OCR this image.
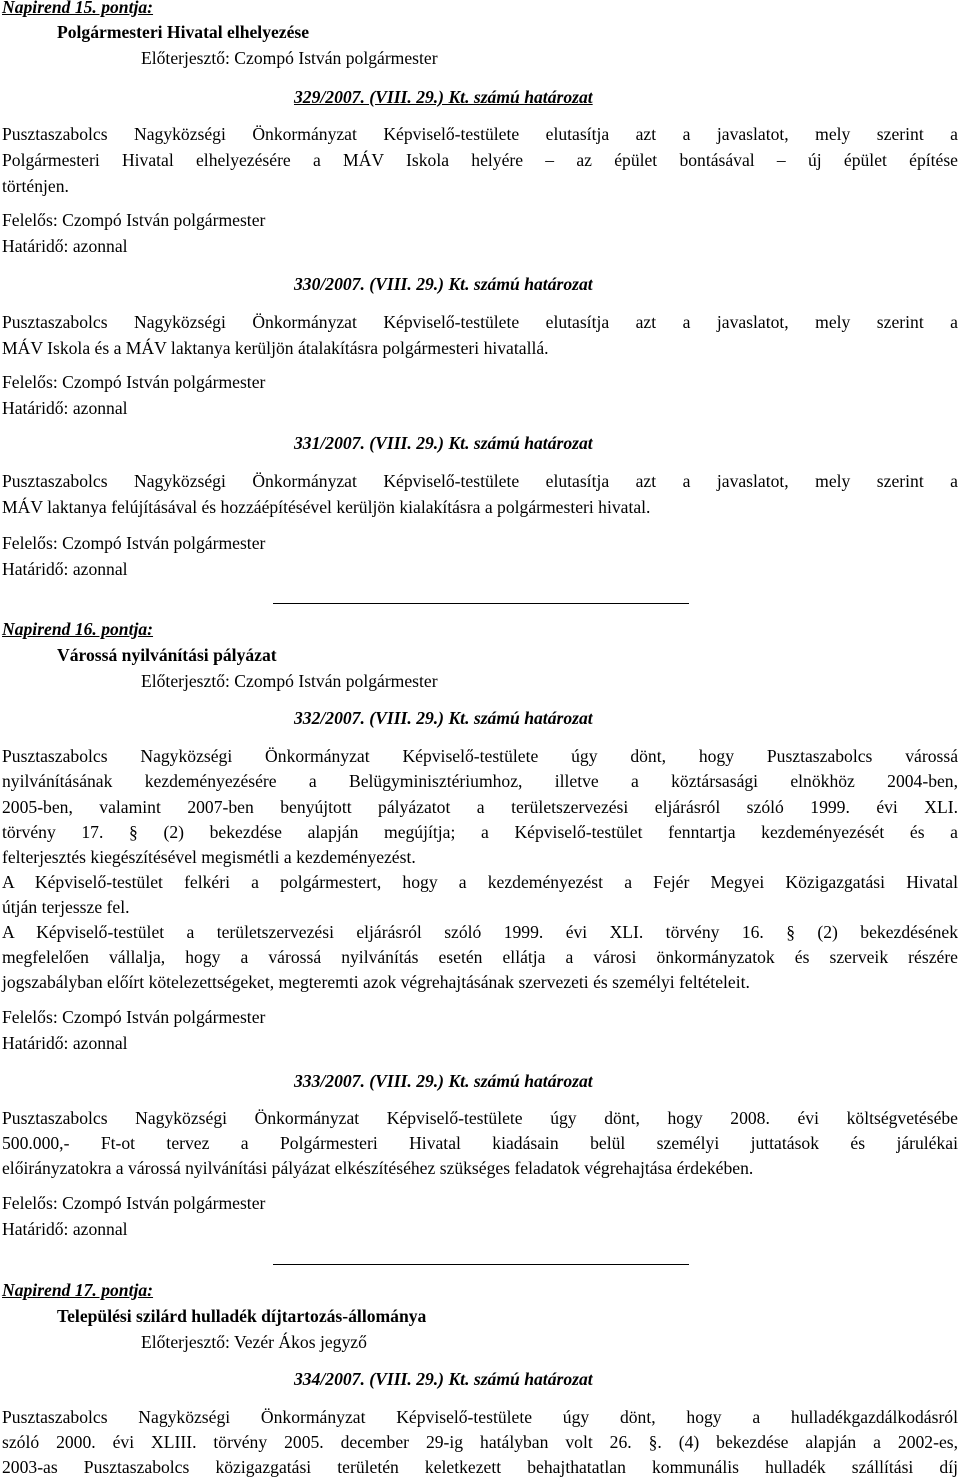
Napirend 15. pontja:
Polgármesteri Hivatal elhelyezése
Előterjesztő: Czompó István polgármester
329/2007. (VIII. 29.) Kt. számú határozat
Pusztaszabolcs Nagyközségi Önkormányzat Képviselő-testülete elutasítja azt a javaslatot, mely szerint a
Polgármesteri Hivatal elhelyezésére a MÁV Iskola helyére – az épület bontásával – új épület építése
történjen.
Felelős: Czompó István polgármester
Határidő: azonnal
330/2007. (VIII. 29.) Kt. számú határozat
Pusztaszabolcs Nagyközségi Önkormányzat Képviselő-testülete elutasítja azt a javaslatot, mely szerint a
MÁV Iskola és a MÁV laktanya kerüljön átalakításra polgármesteri hivatallá.
Felelős: Czompó István polgármester
Határidő: azonnal
331/2007. (VIII. 29.) Kt. számú határozat
Pusztaszabolcs Nagyközségi Önkormányzat Képviselő-testülete elutasítja azt a javaslatot, mely szerint a
MÁV laktanya felújításával és hozzáépítésével kerüljön kialakításra a polgármesteri hivatal.
Felelős: Czompó István polgármester
Határidő: azonnal
Napirend 16. pontja:
Várossá nyilvánítási pályázat
Előterjesztő: Czompó István polgármester
332/2007. (VIII. 29.) Kt. számú határozat
Pusztaszabolcs Nagyközségi Önkormányzat Képviselő-testülete úgy dönt, hogy Pusztaszabolcs várossá
nyilvánításának kezdeményezésére a Belügyminisztériumhoz, illetve a köztársasági elnökhöz 2004-ben,
2005-ben, valamint 2007-ben benyújtott pályázatot a területszervezési eljárásról szóló 1999. évi XLI.
törvény 17. § (2) bekezdése alapján megújítja; a Képviselő-testület fenntartja kezdeményezését és a
felterjesztés kiegészítésével megismétli a kezdeményezést.
A Képviselő-testület felkéri a polgármestert, hogy a kezdeményezést a Fejér Megyei Közigazgatási Hivatal
útján terjessze fel.
A Képviselő-testület a területszervezési eljárásról szóló 1999. évi XLI. törvény 16. § (2) bekezdésének
megfelelően vállalja, hogy a várossá nyilvánítás esetén ellátja a városi önkormányzatok és szerveik részére
jogszabályban előírt kötelezettségeket, megteremti azok végrehajtásának szervezeti és személyi feltételeit.
Felelős: Czompó István polgármester
Határidő: azonnal
333/2007. (VIII. 29.) Kt. számú határozat
Pusztaszabolcs Nagyközségi Önkormányzat Képviselő-testülete úgy dönt, hogy 2008. évi költségvetésébe
500.000,- Ft-ot tervez a Polgármesteri Hivatal kiadásain belül személyi juttatások és járulékai
előirányzatokra a várossá nyilvánítási pályázat elkészítéséhez szükséges feladatok végrehajtása érdekében.
Felelős: Czompó István polgármester
Határidő: azonnal
Napirend 17. pontja:
Települési szilárd hulladék díjtartozás-állománya
Előterjesztő: Vezér Ákos jegyző
334/2007. (VIII. 29.) Kt. számú határozat
Pusztaszabolcs Nagyközségi Önkormányzat Képviselő-testülete úgy dönt, hogy a hulladékgazdálkodásról
szóló 2000. évi XLIII. törvény 2005. december 29-ig hatályban volt 26. §. (4) bekezdése alapján a 2002-es,
2003-as Pusztaszabolcs közigazgatási területén keletkezett behajthatatlan kommunális hulladék szállítási díj
